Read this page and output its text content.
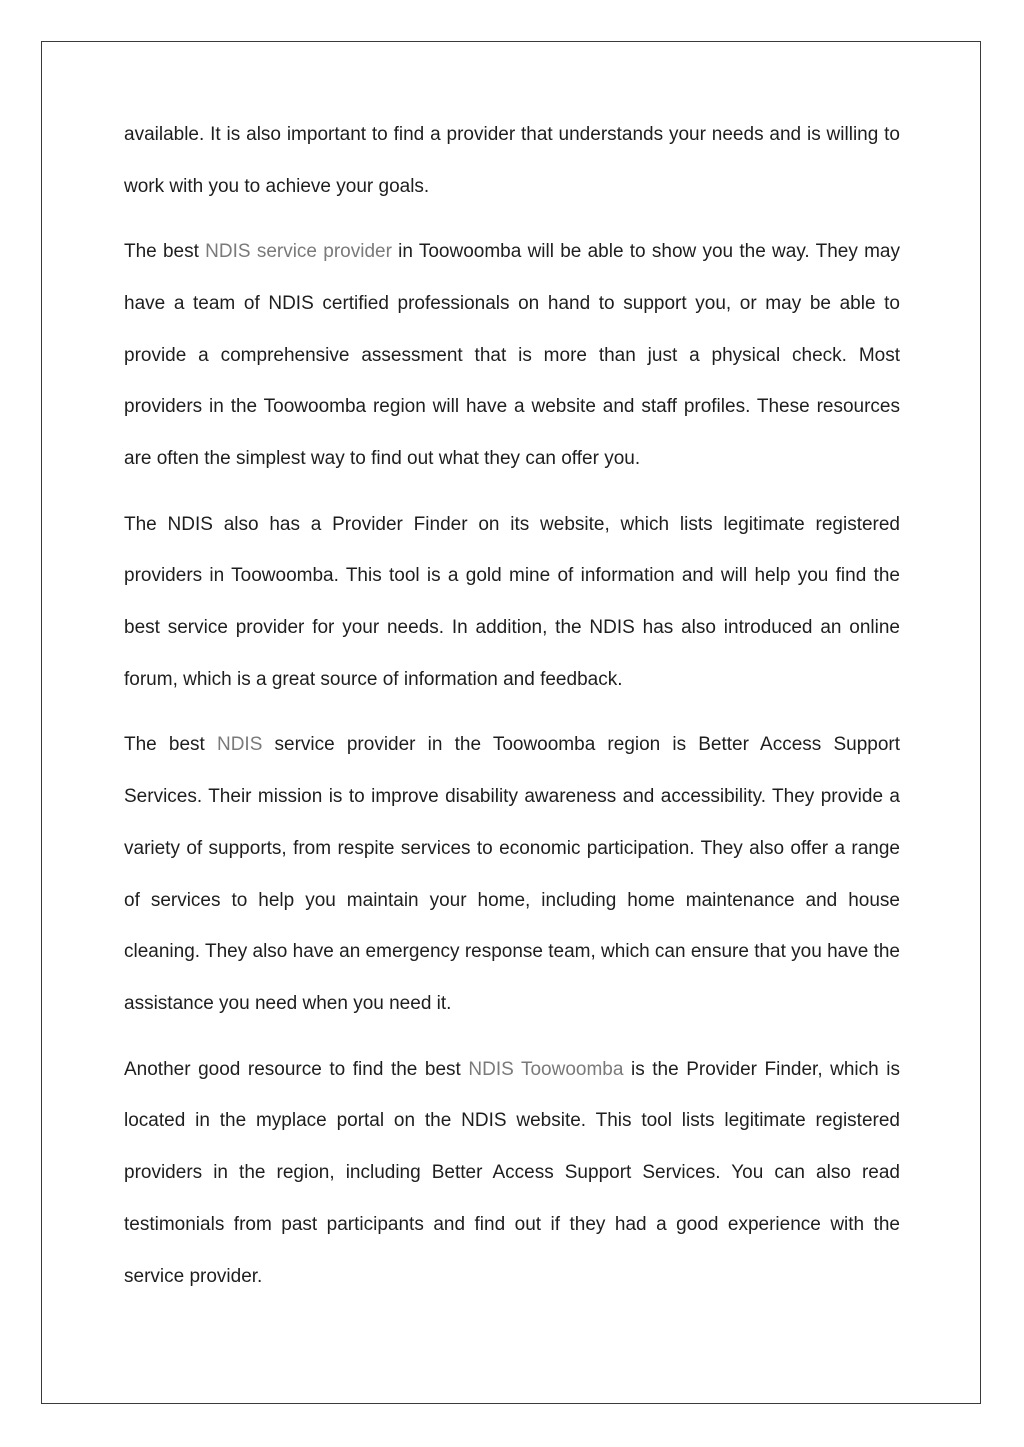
available. It is also important to find a provider that understands your needs and is willing to work with you to achieve your goals.

The best NDIS service provider in Toowoomba will be able to show you the way. They may have a team of NDIS certified professionals on hand to support you, or may be able to provide a comprehensive assessment that is more than just a physical check. Most providers in the Toowoomba region will have a website and staff profiles. These resources are often the simplest way to find out what they can offer you.

The NDIS also has a Provider Finder on its website, which lists legitimate registered providers in Toowoomba. This tool is a gold mine of information and will help you find the best service provider for your needs. In addition, the NDIS has also introduced an online forum, which is a great source of information and feedback.

The best NDIS service provider in the Toowoomba region is Better Access Support Services. Their mission is to improve disability awareness and accessibility. They provide a variety of supports, from respite services to economic participation. They also offer a range of services to help you maintain your home, including home maintenance and house cleaning. They also have an emergency response team, which can ensure that you have the assistance you need when you need it.

Another good resource to find the best NDIS Toowoomba is the Provider Finder, which is located in the myplace portal on the NDIS website. This tool lists legitimate registered providers in the region, including Better Access Support Services. You can also read testimonials from past participants and find out if they had a good experience with the service provider.
